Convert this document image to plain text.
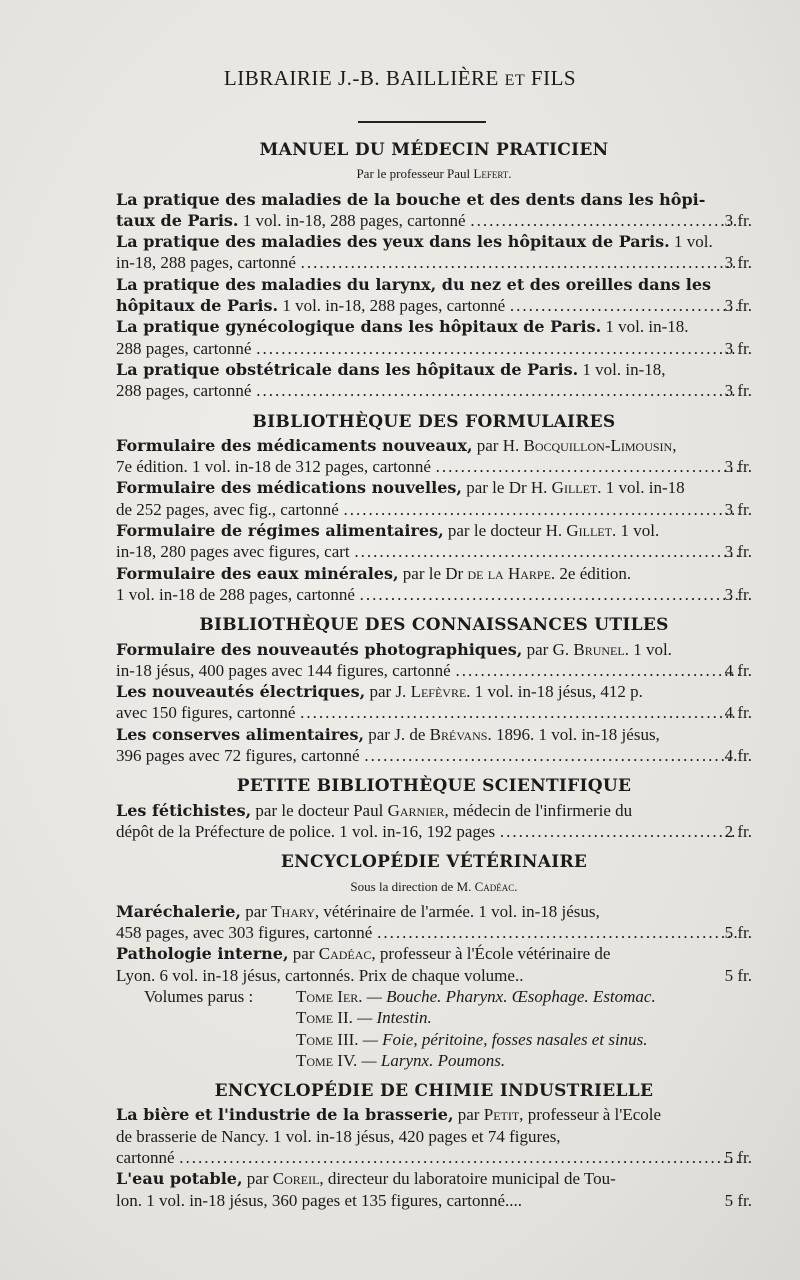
LIBRAIRIE J.-B. BAILLIÈRE ET FILS
MANUEL DU MÉDECIN PRATICIEN
Par le professeur Paul Lefert.
La pratique des maladies de la bouche et des dents dans les hôpi-
taux de Paris. 1 vol. in-18, 288 pages, cartonné .....	3 fr.
La pratique des maladies des yeux dans les hôpitaux de Paris. 1 vol.
in-18, 288 pages, cartonné .....	3 fr.
La pratique des maladies du larynx, du nez et des oreilles dans les
hôpitaux de Paris. 1 vol. in-18, 288 pages, cartonné .....	3 fr.
La pratique gynécologique dans les hôpitaux de Paris. 1 vol. in-18.
288 pages, cartonné .....	3 fr.
La pratique obstétricale dans les hôpitaux de Paris. 1 vol. in-18,
288 pages, cartonné .....	3 fr.
BIBLIOTHÈQUE DES FORMULAIRES
Formulaire des médicaments nouveaux, par H. Bocquillon-Limousin,
7e édition. 1 vol. in-18 de 312 pages, cartonné .....	3 fr.
Formulaire des médications nouvelles, par le Dr H. Gillet. 1 vol. in-18
de 252 pages, avec fig., cartonné .....	3 fr.
Formulaire de régimes alimentaires, par le docteur H. Gillet. 1 vol.
in-18, 280 pages avec figures, cart .....	3 fr.
Formulaire des eaux minérales, par le Dr de la Harpe. 2e édition.
1 vol. in-18 de 288 pages, cartonné .....	3 fr.
BIBLIOTHÈQUE DES CONNAISSANCES UTILES
Formulaire des nouveautés photographiques, par G. Brunel. 1 vol.
in-18 jésus, 400 pages avec 144 figures, cartonné .....	4 fr.
Les nouveautés électriques, par J. Lefèvre. 1 vol. in-18 jésus, 412 p.
avec 150 figures, cartonné .....	4 fr.
Les conserves alimentaires, par J. de Brévans. 1896. 1 vol. in-18 jésus,
396 pages avec 72 figures, cartonné .....	4 fr.
PETITE BIBLIOTHÈQUE SCIENTIFIQUE
Les fétichistes, par le docteur Paul Garnier, médecin de l'infirmerie du
dépôt de la Préfecture de police. 1 vol. in-16, 192 pages .....	2 fr.
ENCYCLOPÉDIE VÉTÉRINAIRE
Sous la direction de M. Cadéac.
Maréchalerie, par Thary, vétérinaire de l'armée. 1 vol. in-18 jésus,
458 pages, avec 303 figures, cartonné .....	5 fr.
Pathologie interne, par Cadéac, professeur à l'École vétérinaire de
Lyon. 6 vol. in-18 jésus, cartonnés. Prix de chaque volume..	5 fr.
Volumes parus :	Tome Ier. — Bouche. Pharynx. Œsophage. Estomac.
Tome II. — Intestin.
Tome III. — Foie, péritoine, fosses nasales et sinus.
Tome IV. — Larynx. Poumons.
ENCYCLOPÉDIE DE CHIMIE INDUSTRIELLE
La bière et l'industrie de la brasserie, par Petit, professeur à l'Ecole
de brasserie de Nancy. 1 vol. in-18 jésus, 420 pages et 74 figures,
cartonné .....	5 fr.
L'eau potable, par Coreil, directeur du laboratoire municipal de Tou-
lon. 1 vol. in-18 jésus, 360 pages et 135 figures, cartonné....	5 fr.
